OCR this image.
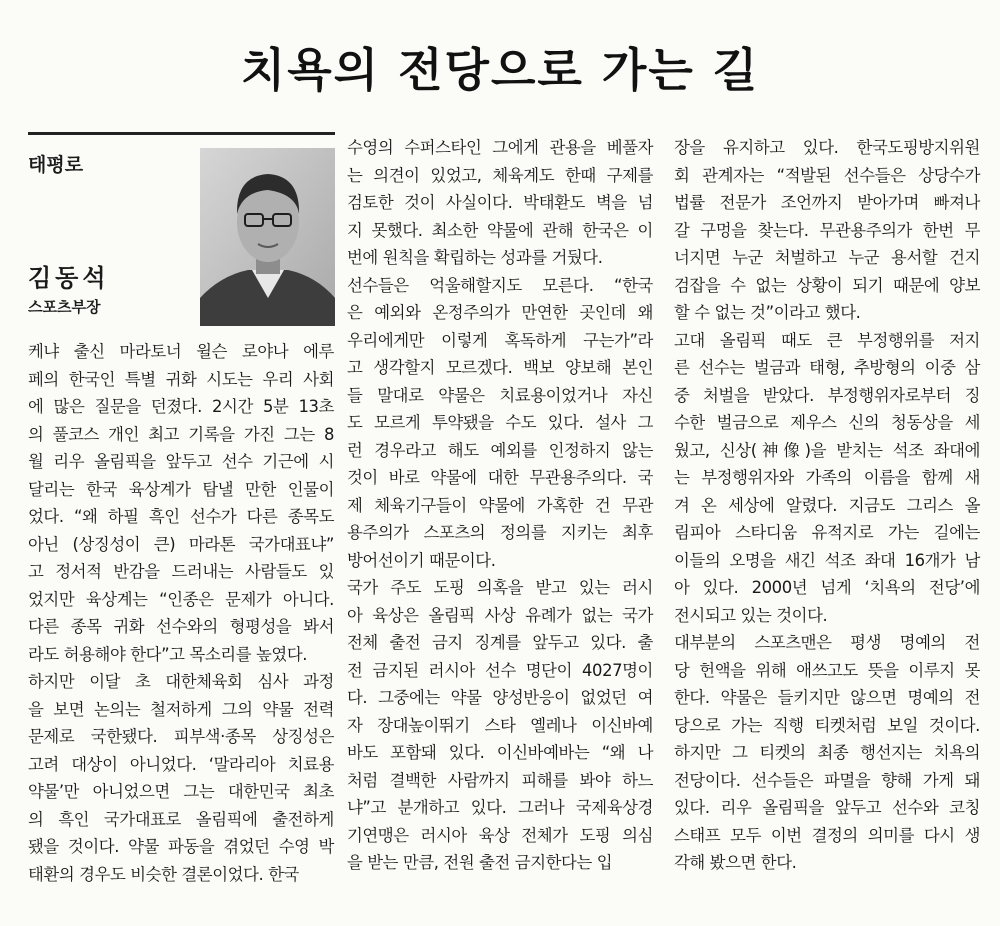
치욕의 전당으로 가는 길
태평로
김동석
스포츠부장
케냐 출신 마라토너 윌슨 로야나 에루
페의 한국인 특별 귀화 시도는 우리 사회
에 많은 질문을 던졌다. 2시간 5분 13초
의 풀코스 개인 최고 기록을 가진 그는 8
월 리우 올림픽을 앞두고 선수 기근에 시
달리는 한국 육상계가 탐낼 만한 인물이
었다. “왜 하필 흑인 선수가 다른 종목도
아닌 (상징성이 큰) 마라톤 국가대표냐”
고 정서적 반감을 드러내는 사람들도 있
었지만 육상계는 “인종은 문제가 아니다.
다른 종목 귀화 선수와의 형평성을 봐서
라도 허용해야 한다”고 목소리를 높였다.
하지만 이달 초 대한체육회 심사 과정
을 보면 논의는 철저하게 그의 약물 전력
문제로 국한됐다. 피부색·종목 상징성은
고려 대상이 아니었다. ‘말라리아 치료용
약물’만 아니었으면 그는 대한민국 최초
의 흑인 국가대표로 올림픽에 출전하게
됐을 것이다. 약물 파동을 겪었던 수영 박
태환의 경우도 비슷한 결론이었다. 한국
수영의 수퍼스타인 그에게 관용을 베풀자
는 의견이 있었고, 체육계도 한때 구제를
검토한 것이 사실이다. 박태환도 벽을 넘
지 못했다. 최소한 약물에 관해 한국은 이
번에 원칙을 확립하는 성과를 거뒀다.
선수들은 억울해할지도 모른다. “한국
은 예외와 온정주의가 만연한 곳인데 왜
우리에게만 이렇게 혹독하게 구는가”라
고 생각할지 모르겠다. 백보 양보해 본인
들 말대로 약물은 치료용이었거나 자신
도 모르게 투약됐을 수도 있다. 설사 그
런 경우라고 해도 예외를 인정하지 않는
것이 바로 약물에 대한 무관용주의다. 국
제 체육기구들이 약물에 가혹한 건 무관
용주의가 스포츠의 정의를 지키는 최후
방어선이기 때문이다.
국가 주도 도핑 의혹을 받고 있는 러시
아 육상은 올림픽 사상 유례가 없는 국가
전체 출전 금지 징계를 앞두고 있다. 출
전 금지된 러시아 선수 명단이 4027명이
다. 그중에는 약물 양성반응이 없었던 여
자 장대높이뛰기 스타 옐레나 이신바예
바도 포함돼 있다. 이신바예바는 “왜 나
처럼 결백한 사람까지 피해를 봐야 하느
냐”고 분개하고 있다. 그러나 국제육상경
기연맹은 러시아 육상 전체가 도핑 의심
을 받는 만큼, 전원 출전 금지한다는 입
장을 유지하고 있다. 한국도핑방지위원
회 관계자는 “적발된 선수들은 상당수가
법률 전문가 조언까지 받아가며 빠져나
갈 구멍을 찾는다. 무관용주의가 한번 무
너지면 누군 처벌하고 누군 용서할 건지
검잡을 수 없는 상황이 되기 때문에 양보
할 수 없는 것”이라고 했다.
고대 올림픽 때도 큰 부정행위를 저지
른 선수는 벌금과 태형, 추방형의 이중 삼
중 처벌을 받았다. 부정행위자로부터 징
수한 벌금으로 제우스 신의 청동상을 세
웠고, 신상(神像)을 받치는 석조 좌대에
는 부정행위자와 가족의 이름을 함께 새
겨 온 세상에 알렸다. 지금도 그리스 올
림피아 스타디움 유적지로 가는 길에는
이들의 오명을 새긴 석조 좌대 16개가 남
아 있다. 2000년 넘게 ‘치욕의 전당’에
전시되고 있는 것이다.
대부분의 스포츠맨은 평생 명예의 전
당 헌액을 위해 애쓰고도 뜻을 이루지 못
한다. 약물은 들키지만 않으면 명예의 전
당으로 가는 직행 티켓처럼 보일 것이다.
하지만 그 티켓의 최종 행선지는 치욕의
전당이다. 선수들은 파멸을 향해 가게 돼
있다. 리우 올림픽을 앞두고 선수와 코칭
스태프 모두 이번 결정의 의미를 다시 생
각해 봤으면 한다.
